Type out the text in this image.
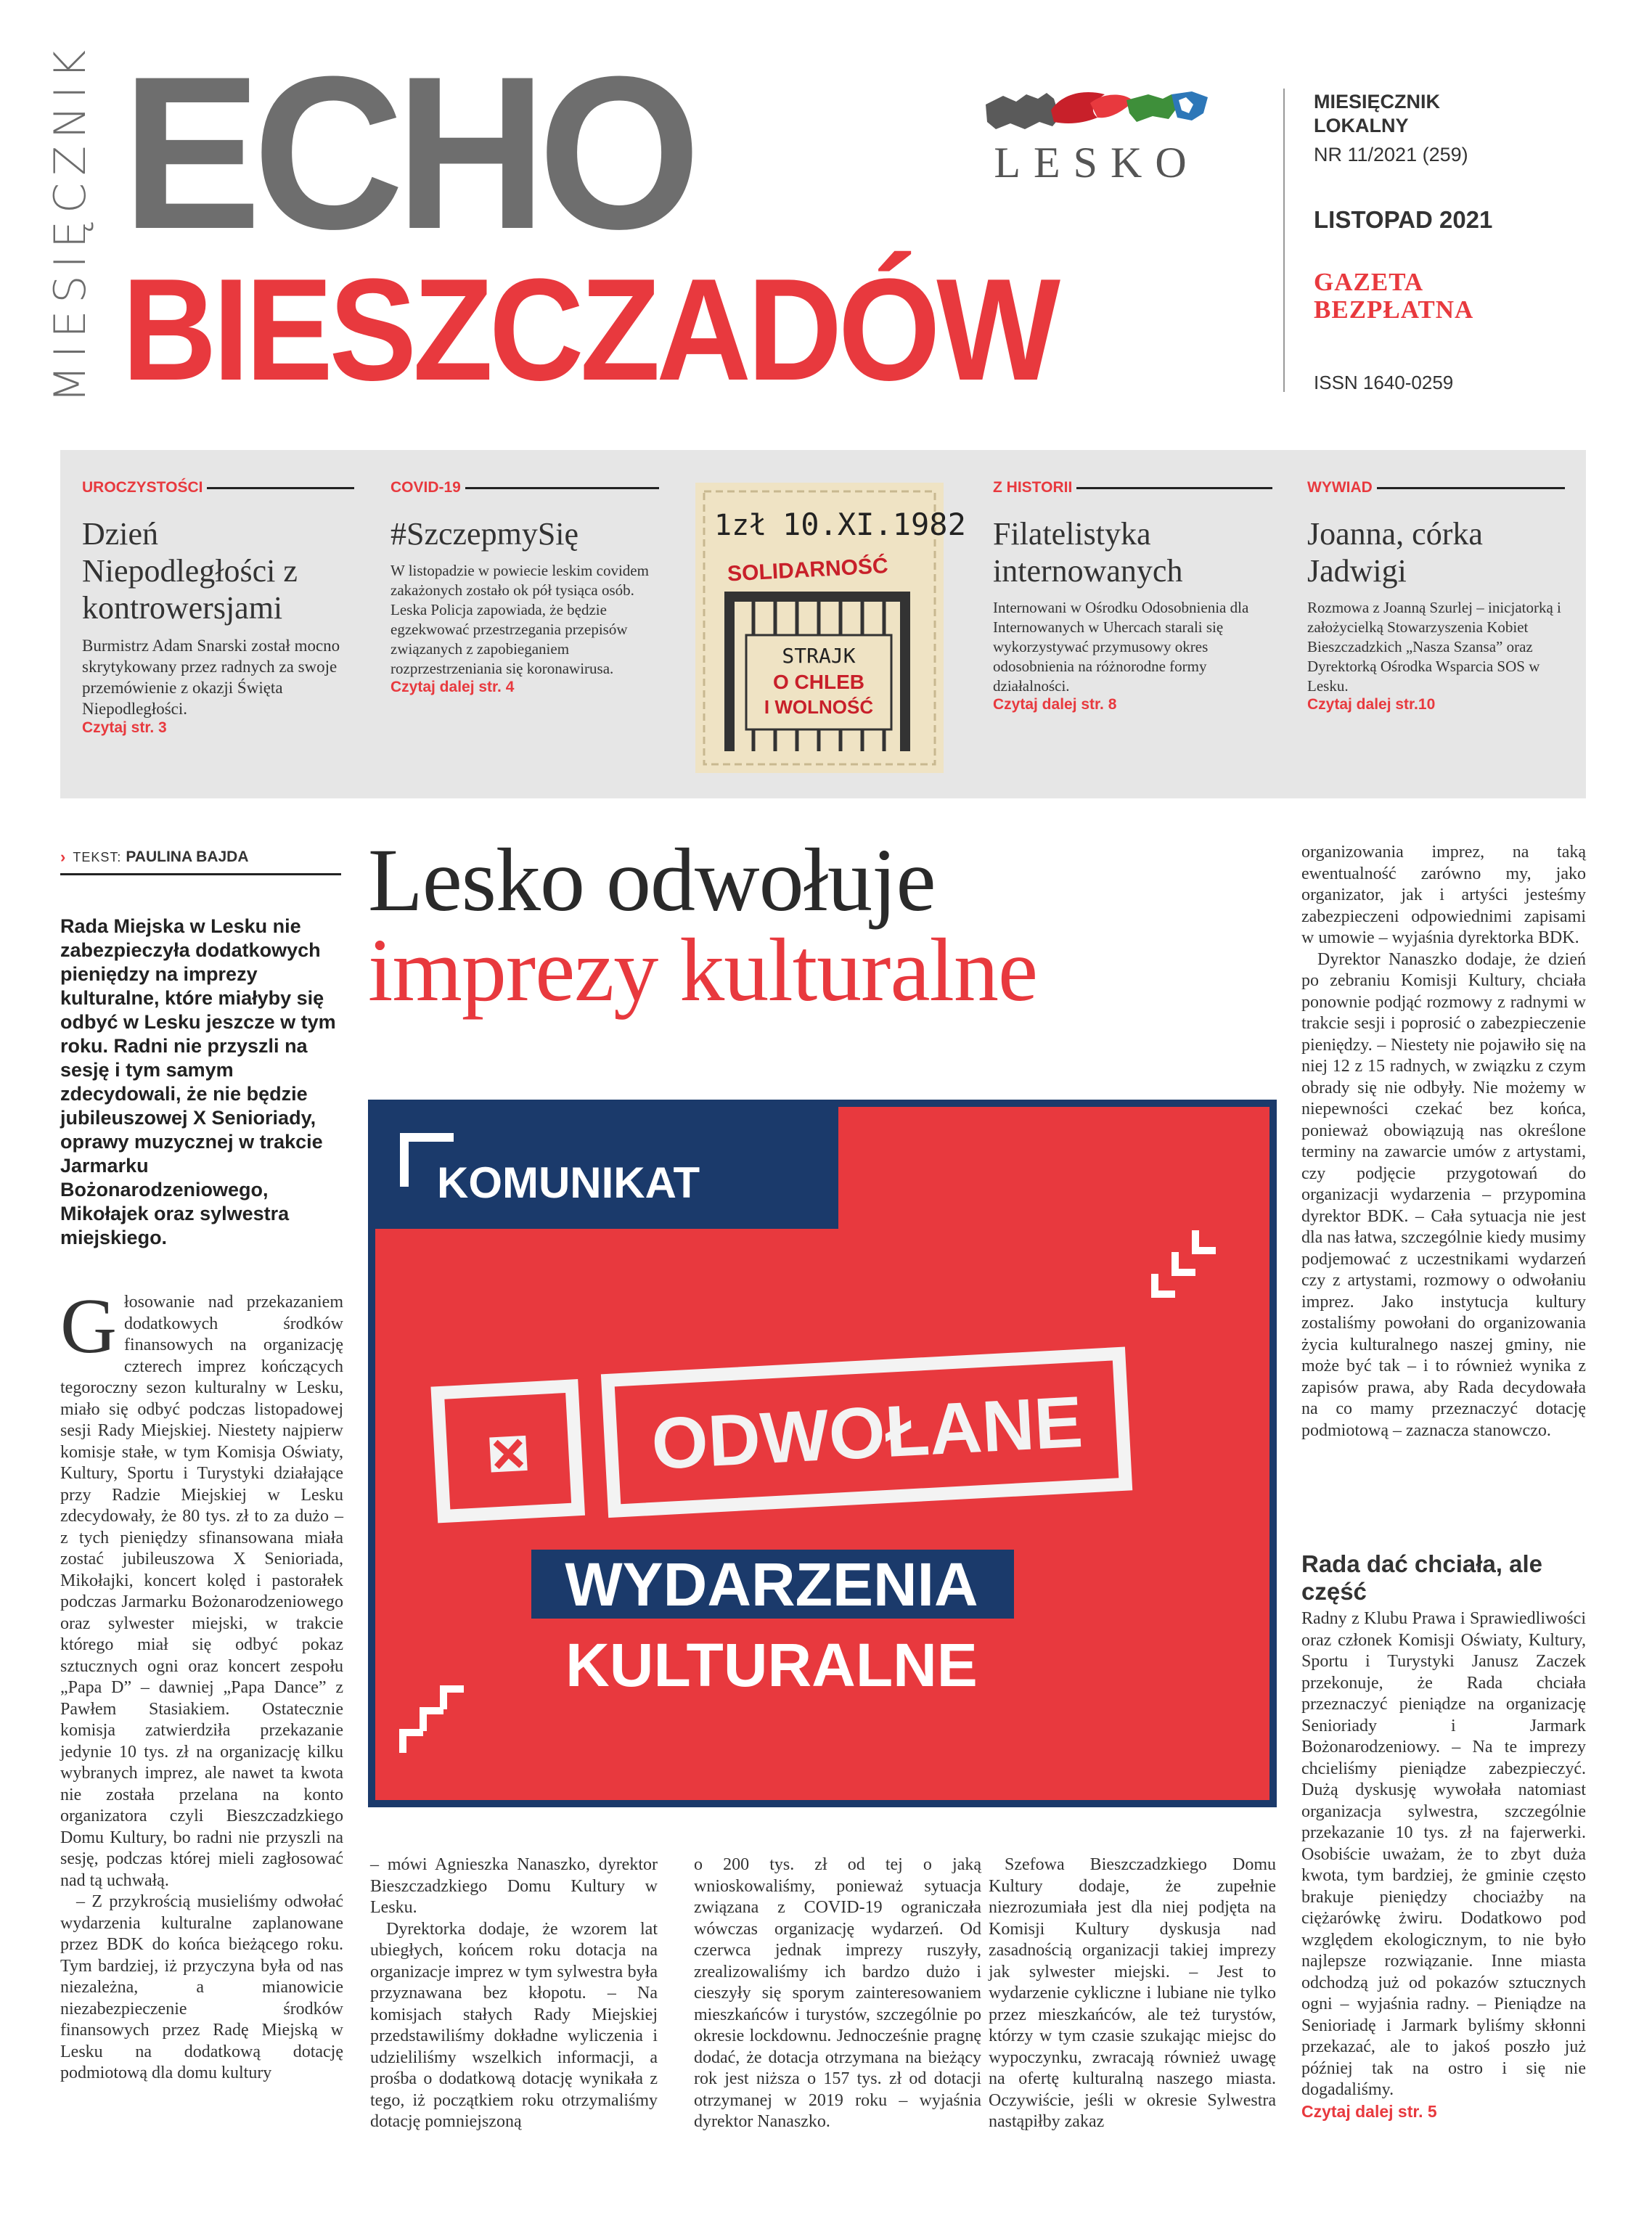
MIESIĘCZNIK ECHO
BIESZCZADÓW
LESKO
MIESIĘCZNIK
LOKALNY
NR 11/2021 (259)
LISTOPAD 2021
GAZETA
BEZPŁATNA
ISSN 1640-0259
UROCZYSTOŚCI
Dzień Niepodległości z kontrowersjami

Burmistrz Adam Snarski został mocno skrytykowany przez radnych za swoje przemówienie z okazji Święta Niepodległości.

Czytaj str. 3
COVID-19
#SzczepmySię

W listopadzie w powiecie leskim covidem zakażonych zostało ok pół tysiąca osób. Leska Policja zapowiada, że będzie egzekwować przestrzegania przepisów związanych z zapobieganiem rozprzestrzeniania się koronawirusa.

Czytaj dalej str. 4
Z HISTORII
Filatelistyka internowanych

Internowani w Ośrodku Odosobnienia dla Internowanych w Uhercach starali się wykorzystywać przymusowy okres odosobnienia na różnorodne formy działalności.

Czytaj dalej str. 8
WYWIAD
Joanna, córka Jadwigi

Rozmowa z Joanną Szurlej – inicjatorką i założycielką Stowarzyszenia Kobiet Bieszczadzkich „Nasza Szansa” oraz Dyrektorką Ośrodka Wsparcia SOS w Lesku.

Czytaj dalej str.10
1zł 10.XI.1982
SOLIDARNOŚĆ
STRAJK
O CHLEB
I WOLNOŚĆ
› TEKST: PAULINA BAJDA
Rada Miejska w Lesku nie zabezpieczyła dodatkowych pieniędzy na imprezy kulturalne, które miałyby się odbyć w Lesku jeszcze w tym roku. Radni nie przyszli na sesję i tym samym zdecydowali, że nie będzie jubileuszowej X Senioriady, oprawy muzycznej w trakcie Jarmarku Bożonarodzeniowego, Mikołajek oraz sylwestra miejskiego.

Głosowanie nad przekazaniem dodatkowych środków finansowych na organizację czterech imprez kończących tegoroczny sezon kulturalny w Lesku, miało się odbyć podczas listopadowej sesji Rady Miejskiej. Niestety najpierw komisje stałe, w tym Komisja Oświaty, Kultury, Sportu i Turystyki działające przy Radzie Miejskiej w Lesku zdecydowały, że 80 tys. zł to za dużo – z tych pieniędzy sfinansowana miała zostać jubileuszowa X Senioriada, Mikołajki, koncert kolęd i pastorałek podczas Jarmarku Bożonarodzeniowego oraz sylwester miejski, w trakcie którego miał się odbyć pokaz sztucznych ogni oraz koncert zespołu „Papa D” – dawniej „Papa Dance” z Pawłem Stasiakiem. Ostatecznie komisja zatwierdziła przekazanie jedynie 10 tys. zł na organizację kilku wybranych imprez, ale nawet ta kwota nie została przelana na konto organizatora czyli Bieszczadzkiego Domu Kultury, bo radni nie przyszli na sesję, podczas której mieli zagłosować nad tą uchwałą.

– Z przykrością musieliśmy odwołać wydarzenia kulturalne zaplanowane przez BDK do końca bieżącego roku. Tym bardziej, iż przyczyna była od nas niezależna, a mianowicie niezabezpieczenie środków finansowych przez Radę Miejską w Lesku na dodatkową dotację podmiotową dla domu kultury

Lesko odwołuje
imprezy kulturalne
KOMUNIKAT
ODWOŁANE
WYDARZENIA
KULTURALNE

– mówi Agnieszka Nanaszko, dyrektor Bieszczadzkiego Domu Kultury w Lesku.

Dyrektorka dodaje, że wzorem lat ubiegłych, końcem roku dotacja na organizacje imprez w tym sylwestra była przyznawana bez kłopotu. – Na komisjach stałych Rady Miejskiej przedstawiliśmy dokładne wyliczenia i udzieliliśmy wszelkich informacji, a prośba o dodatkową dotację wynikała z tego, iż początkiem roku otrzymaliśmy dotację pomniejszoną

o 200 tys. zł od tej o jaką wnioskowaliśmy, ponieważ sytuacja związana z COVID-19 ograniczała wówczas organizację wydarzeń. Od czerwca jednak imprezy ruszyły, zrealizowaliśmy ich bardzo dużo i cieszyły się sporym zainteresowaniem mieszkańców i turystów, szczególnie po okresie lockdownu. Jednocześnie pragnę dodać, że dotacja otrzymana na bieżący rok jest niższa o 157 tys. zł od dotacji otrzymanej w 2019 roku – wyjaśnia dyrektor Nanaszko.

Szefowa Bieszczadzkiego Domu Kultury dodaje, że zupełnie niezrozumiała jest dla niej podjęta na Komisji Kultury dyskusja nad zasadnością organizacji takiej imprezy jak sylwester miejski. – Jest to wydarzenie cykliczne i lubiane nie tylko przez mieszkańców, ale też turystów, którzy w tym czasie szukając miejsc do wypoczynku, zwracają również uwagę na ofertę kulturalną naszego miasta. Oczywiście, jeśli w okresie Sylwestra nastąpiłby zakaz

organizowania imprez, na taką ewentualność zarówno my, jako organizator, jak i artyści jesteśmy zabezpieczeni odpowiednimi zapisami w umowie – wyjaśnia dyrektorka BDK.

Dyrektor Nanaszko dodaje, że dzień po zebraniu Komisji Kultury, chciała ponownie podjąć rozmowy z radnymi w trakcie sesji i poprosić o zabezpieczenie pieniędzy. – Niestety nie pojawiło się na niej 12 z 15 radnych, w związku z czym obrady się nie odbyły. Nie możemy w niepewności czekać bez końca, ponieważ obowiązują nas określone terminy na zawarcie umów z artystami, czy podjęcie przygotowań do organizacji wydarzenia – przypomina dyrektor BDK. – Cała sytuacja nie jest dla nas łatwa, szczególnie kiedy musimy podjemować z uczestnikami wydarzeń czy z artystami, rozmowy o odwołaniu imprez. Jako instytucja kultury zostaliśmy powołani do organizowania życia kulturalnego naszej gminy, nie może być tak – i to również wynika z zapisów prawa, aby Rada decydowała na co mamy przeznaczyć dotację podmiotową – zaznacza stanowczo.

Rada dać chciała, ale część

Radny z Klubu Prawa i Sprawiedliwości oraz członek Komisji Oświaty, Kultury, Sportu i Turystyki Janusz Zaczek przekonuje, że Rada chciała przeznaczyć pieniądze na organizację Senioriady i Jarmark Bożonarodzeniowy. – Na te imprezy chcieliśmy pieniądze zabezpieczyć. Dużą dyskusję wywołała natomiast organizacja sylwestra, szczególnie przekazanie 10 tys. zł na fajerwerki. Osobiście uważam, że to zbyt duża kwota, tym bardziej, że gminie często brakuje pieniędzy chociażby na ciężarówkę żwiru. Dodatkowo pod względem ekologicznym, to nie było najlepsze rozwiązanie. Inne miasta odchodzą już od pokazów sztucznych ogni – wyjaśnia radny. – Pieniądze na Senioriadę i Jarmark byliśmy skłonni przekazać, ale to jakoś poszło już później tak na ostro i się nie dogadaliśmy.

Czytaj dalej str. 5
